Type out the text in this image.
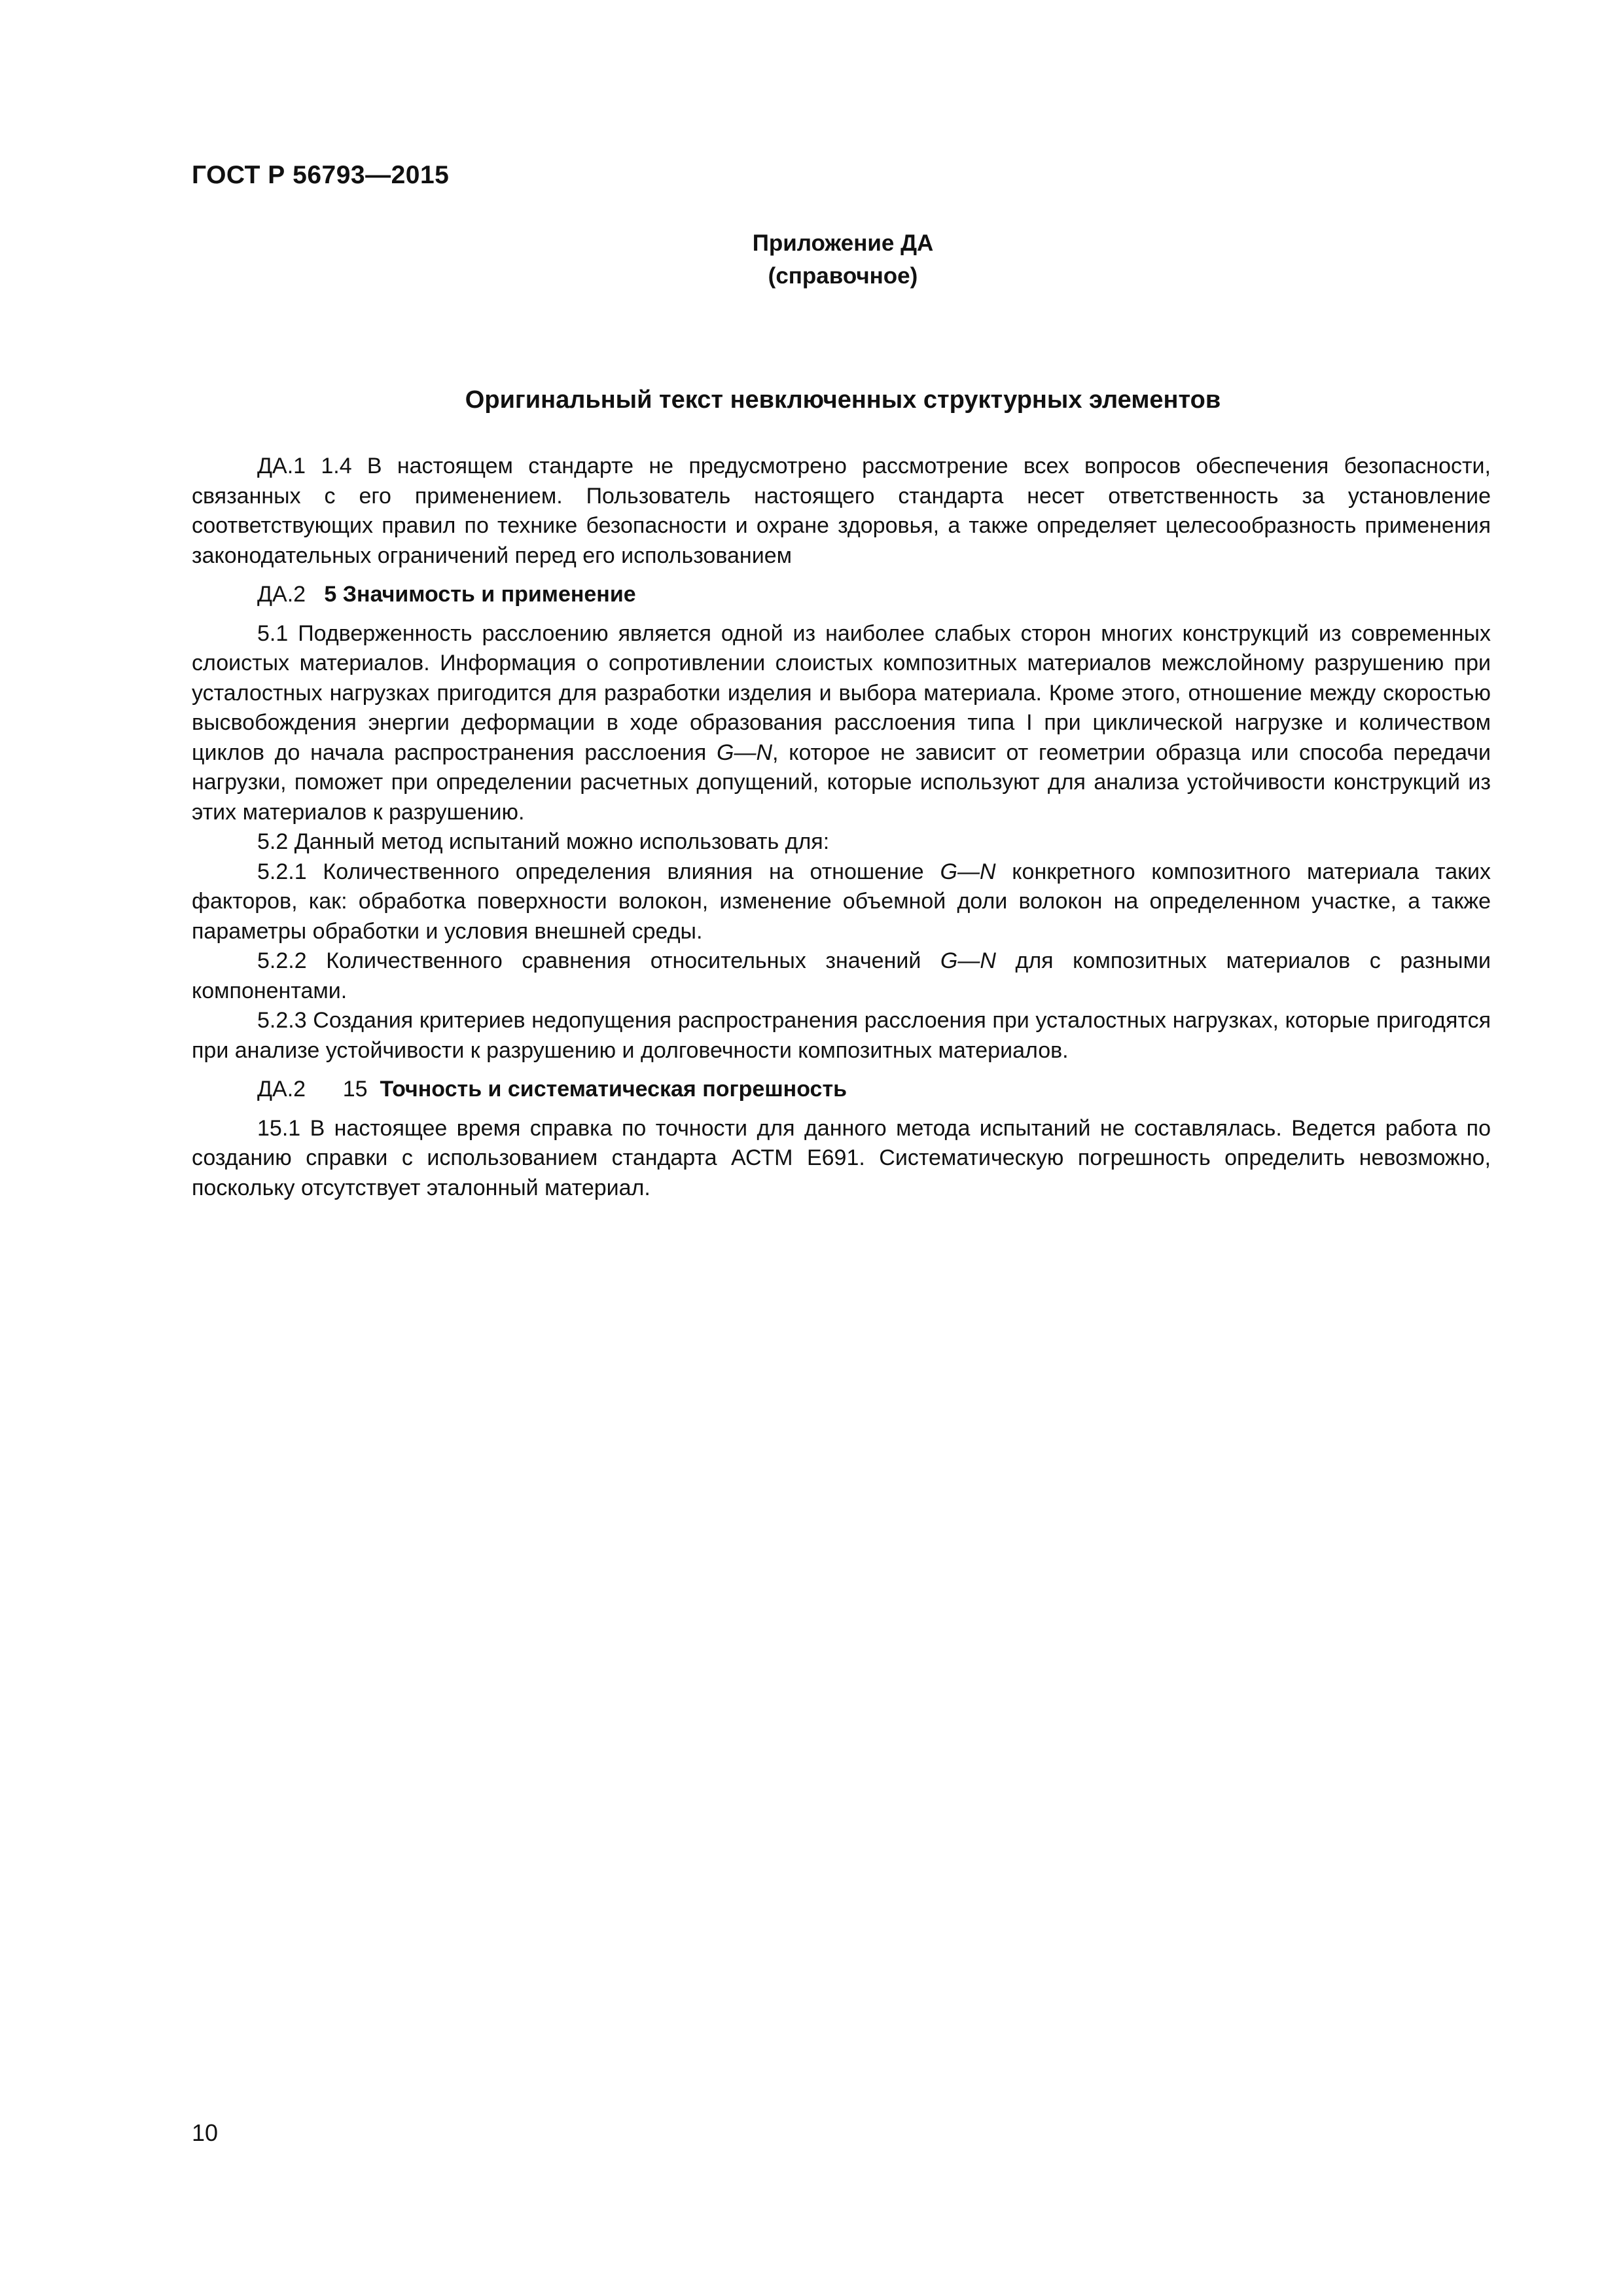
ГОСТ Р 56793—2015
Приложение ДА
(справочное)
Оригинальный текст невключенных структурных элементов

ДА.1 1.4 В настоящем стандарте не предусмотрено рассмотрение всех вопросов обеспечения безопасности, связанных с его применением. Пользователь настоящего стандарта несет ответственность за установление соответствующих правил по технике безопасности и охране здоровья, а также определяет целесообразность применения законодательных ограничений перед его использованием

ДА.2 5 Значимость и применение

5.1 Подверженность расслоению является одной из наиболее слабых сторон многих конструкций из современных слоистых материалов. Информация о сопротивлении слоистых композитных материалов межслойному разрушению при усталостных нагрузках пригодится для разработки изделия и выбора материала. Кроме этого, отношение между скоростью высвобождения энергии деформации в ходе образования расслоения типа I при циклической нагрузке и количеством циклов до начала распространения расслоения G—N, которое не зависит от геометрии образца или способа передачи нагрузки, поможет при определении расчетных допущений, которые используют для анализа устойчивости конструкций из этих материалов к разрушению.

5.2 Данный метод испытаний можно использовать для:

5.2.1 Количественного определения влияния на отношение G—N конкретного композитного материала таких факторов, как: обработка поверхности волокон, изменение объемной доли волокон на определенном участке, а также параметры обработки и условия внешней среды.

5.2.2 Количественного сравнения относительных значений G—N для композитных материалов с разными компонентами.

5.2.3 Создания критериев недопущения распространения расслоения при усталостных нагрузках, которые пригодятся при анализе устойчивости к разрушению и долговечности композитных материалов.

ДА.2 15 Точность и систематическая погрешность

15.1 В настоящее время справка по точности для данного метода испытаний не составлялась. Ведется работа по созданию справки с использованием стандарта АСТМ Е691. Систематическую погрешность определить невозможно, поскольку отсутствует эталонный материал.

10
